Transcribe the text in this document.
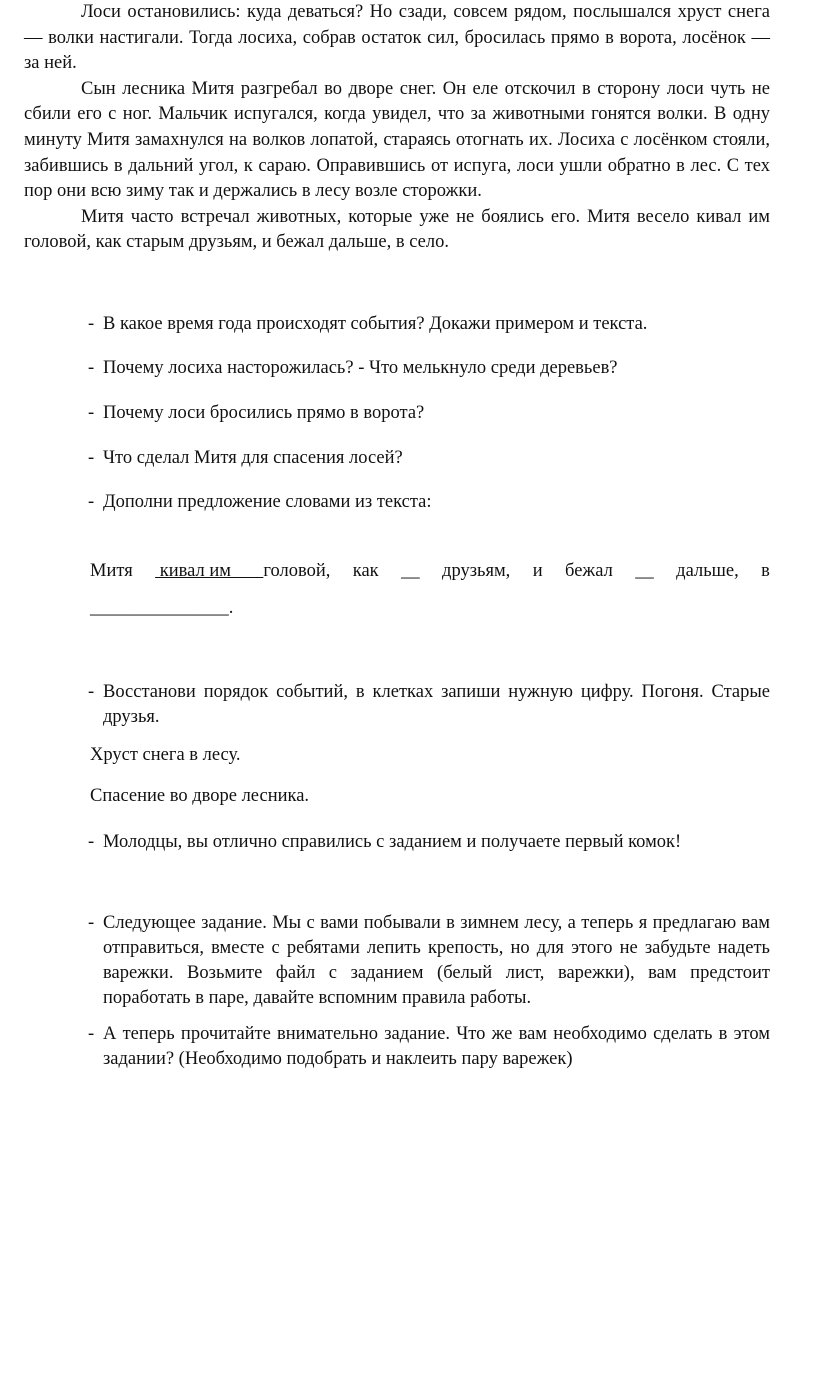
Лоси остановились: куда деваться? Но сзади, совсем рядом, послышался хруст снега — волки настигали. Тогда лосиха, собрав остаток сил, бросилась прямо в ворота, лосёнок — за ней.

Сын лесника Митя разгребал во дворе снег. Он еле отскочил в сторону лоси чуть не сбили его с ног. Мальчик испугался, когда увидел, что за животными гонятся волки. В одну минуту Митя замахнулся на волков лопатой, стараясь отогнать их. Лосиха с лосёнком стояли, забившись в дальний угол, к сараю. Оправившись от испуга, лоси ушли обратно в лес. С тех пор они всю зиму так и держались в лесу возле сторожки.

Митя часто встречал животных, которые уже не боялись его. Митя весело кивал им головой, как старым друзьям, и бежал дальше, в село.

- В какое время года происходят события? Докажи примером и текста.
- Почему лосиха насторожилась? - Что мелькнуло среди деревьев?
- Почему лоси бросились прямо в ворота?
- Что сделал Митя для спасения лосей?
- Дополни предложение словами из текста:
Митя кивал им       головой, как __ друзьям, и бежал __ дальше, в
_______________.
- Восстанови порядок событий, в клетках запиши нужную цифру. Погоня. Старые друзья.
Хруст снега в лесу.
Спасение во дворе лесника.
- Молодцы, вы отлично справились с заданием и получаете первый комок!
- Следующее задание. Мы с вами побывали в зимнем лесу, а теперь я предлагаю вам отправиться, вместе с ребятами лепить крепость, но для этого не забудьте надеть варежки. Возьмите файл с заданием (белый лист, варежки), вам предстоит поработать в паре, давайте вспомним правила работы.
- А теперь прочитайте внимательно задание. Что же вам необходимо сделать в этом задании? (Необходимо подобрать и наклеить пару варежек)
